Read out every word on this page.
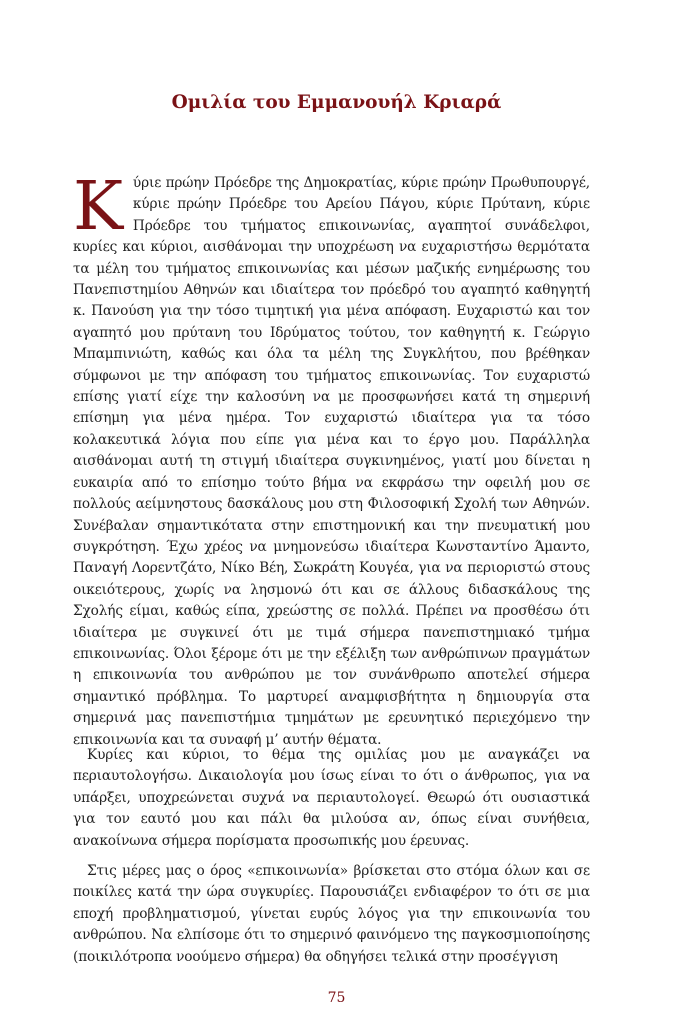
Ομιλία του Εμμανουήλ Κριαρά
Κύριε πρώην Πρόεδρε της Δημοκρατίας, κύριε πρώην Πρωθυπουργέ, κύριε πρώην Πρόεδρε του Αρείου Πάγου, κύριε Πρύτανη, κύριε Πρόεδρε του τμήματος επικοινωνίας, αγαπητοί συνάδελφοι, κυρίες και κύριοι, αισθάνομαι την υποχρέωση να ευχαριστήσω θερμότατα τα μέλη του τμήματος επικοινωνίας και μέσων μαζικής ενημέρωσης του Πανεπιστημίου Αθηνών και ιδιαίτερα τον πρόεδρό του αγαπητό καθηγητή κ. Πανούση για την τόσο τιμητική για μένα απόφαση. Ευχαριστώ και τον αγαπητό μου πρύτανη του Ιδρύματος τούτου, τον καθηγητή κ. Γεώργιο Μπαμπινιώτη, καθώς και όλα τα μέλη της Συγκλήτου, που βρέθηκαν σύμφωνοι με την απόφαση του τμήματος επικοινωνίας. Τον ευχαριστώ επίσης γιατί είχε την καλοσύνη να με προσφωνήσει κατά τη σημερινή επίσημη για μένα ημέρα. Τον ευχαριστώ ιδιαίτερα για τα τόσο κολακευτικά λόγια που είπε για μένα και το έργο μου. Παράλληλα αισθάνομαι αυτή τη στιγμή ιδιαίτερα συγκινημένος, γιατί μου δίνεται η ευκαιρία από το επίσημο τούτο βήμα να εκφράσω την οφειλή μου σε πολλούς αείμνηστους δασκάλους μου στη Φιλοσοφική Σχολή των Αθηνών. Συνέβαλαν σημαντικότατα στην επιστημονική και την πνευματική μου συγκρότηση. Έχω χρέος να μνημονεύσω ιδιαίτερα Κωνσταντίνο Άμαντο, Παναγή Λορεντζάτο, Νίκο Βέη, Σωκράτη Κουγέα, για να περιοριστώ στους οικειότερους, χωρίς να λησμονώ ότι και σε άλλους διδασκάλους της Σχολής είμαι, καθώς είπα, χρεώστης σε πολλά. Πρέπει να προσθέσω ότι ιδιαίτερα με συγκινεί ότι με τιμά σήμερα πανεπιστημιακό τμήμα επικοινωνίας. Όλοι ξέρομε ότι με την εξέλιξη των ανθρώπινων πραγμάτων η επικοινωνία του ανθρώπου με τον συνάνθρωπο αποτελεί σήμερα σημαντικό πρόβλημα. Το μαρτυρεί αναμφισβήτητα η δημιουργία στα σημερινά μας πανεπιστήμια τμημάτων με ερευνητικό περιεχόμενο την επικοινωνία και τα συναφή μ’ αυτήν θέματα.
Κυρίες και κύριοι, το θέμα της ομιλίας μου με αναγκάζει να περιαυτολογήσω. Δικαιολογία μου ίσως είναι το ότι ο άνθρωπος, για να υπάρξει, υποχρεώνεται συχνά να περιαυτολογεί. Θεωρώ ότι ουσιαστικά για τον εαυτό μου και πάλι θα μιλούσα αν, όπως είναι συνήθεια, ανακοίνωνα σήμερα πορίσματα προσωπικής μου έρευνας.
Στις μέρες μας ο όρος «επικοινωνία» βρίσκεται στο στόμα όλων και σε ποικίλες κατά την ώρα συγκυρίες. Παρουσιάζει ενδιαφέρον το ότι σε μια εποχή προβληματισμού, γίνεται ευρύς λόγος για την επικοινωνία του ανθρώπου. Να ελπίσομε ότι το σημερινό φαινόμενο της παγκοσμιοποίησης (ποικιλότροπα νοούμενο σήμερα) θα οδηγήσει τελικά στην προσέγγιση
75
